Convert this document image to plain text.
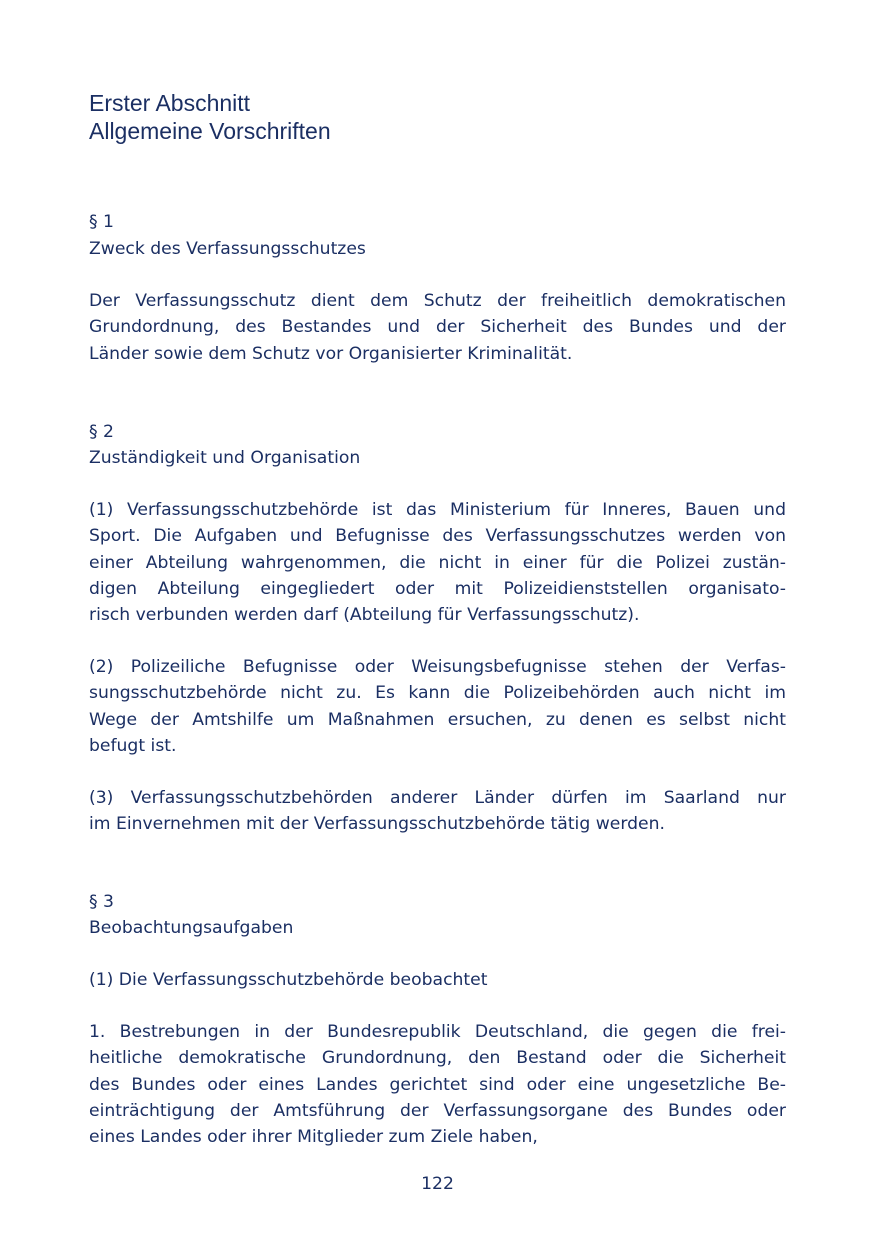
Erster Abschnitt
Allgemeine Vorschriften
§ 1
Zweck des Verfassungsschutzes
Der Verfassungsschutz dient dem Schutz der freiheitlich demokratischen
Grundordnung, des Bestandes und der Sicherheit des Bundes und der
Länder sowie dem Schutz vor Organisierter Kriminalität.
§ 2
Zuständigkeit und Organisation
(1) Verfassungsschutzbehörde ist das Ministerium für Inneres, Bauen und
Sport. Die Aufgaben und Befugnisse des Verfassungsschutzes werden von
einer Abteilung wahrgenommen, die nicht in einer für die Polizei zustän-
digen Abteilung eingegliedert oder mit Polizeidienststellen organisato-
risch verbunden werden darf (Abteilung für Verfassungsschutz).
(2) Polizeiliche Befugnisse oder Weisungsbefugnisse stehen der Verfas-
sungsschutzbehörde nicht zu. Es kann die Polizeibehörden auch nicht im
Wege der Amtshilfe um Maßnahmen ersuchen, zu denen es selbst nicht
befugt ist.
(3) Verfassungsschutzbehörden anderer Länder dürfen im Saarland nur
im Einvernehmen mit der Verfassungsschutzbehörde tätig werden.
§ 3
Beobachtungsaufgaben
(1) Die Verfassungsschutzbehörde beobachtet
1. Bestrebungen in der Bundesrepublik Deutschland, die gegen die frei-
heitliche demokratische Grundordnung, den Bestand oder die Sicherheit
des Bundes oder eines Landes gerichtet sind oder eine ungesetzliche Be-
einträchtigung der Amtsführung der Verfassungsorgane des Bundes oder
eines Landes oder ihrer Mitglieder zum Ziele haben,
122
